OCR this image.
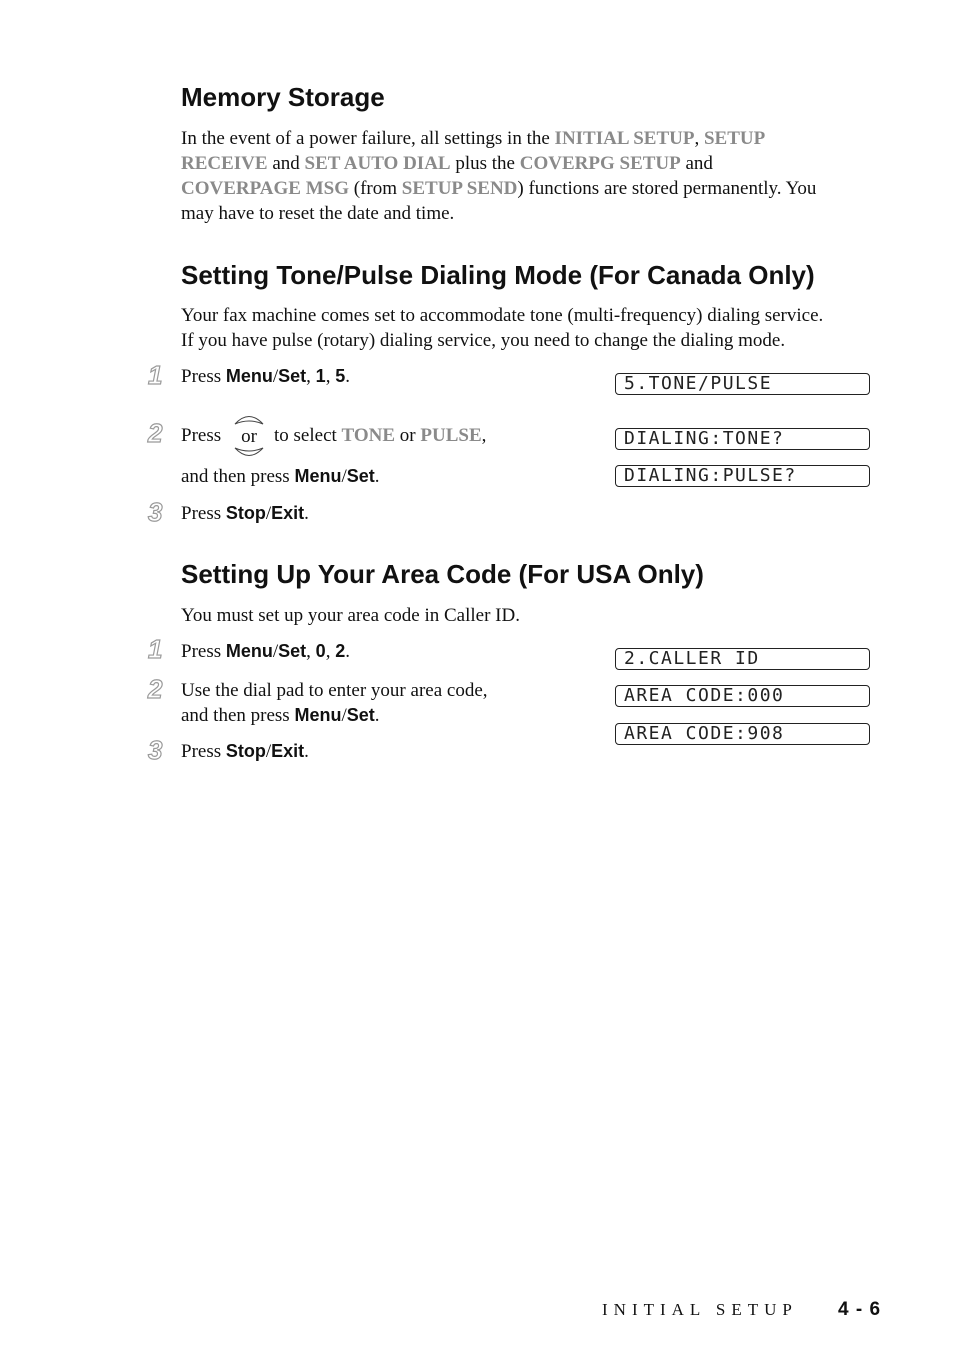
Memory Storage
In the event of a power failure, all settings in the INITIAL SETUP, SETUP
RECEIVE and SET AUTO DIAL plus the COVERPG SETUP and
COVERPAGE MSG (from SETUP SEND) functions are stored permanently. You
may have to reset the date and time.
Setting Tone/Pulse Dialing Mode (For Canada Only)
Your fax machine comes set to accommodate tone (multi-frequency) dialing service.
If you have pulse (rotary) dialing service, you need to change the dialing mode.
1 Press Menu/Set, 1, 5.	5.TONE/PULSE
2 Press or to select TONE or PULSE,
and then press Menu/Set.
DIALING:TONE?
DIALING:PULSE?
3 Press Stop/Exit.
Setting Up Your Area Code (For USA Only)
You must set up your area code in Caller ID.
1 Press Menu/Set, 0, 2.	2.CALLER ID
2 Use the dial pad to enter your area code,
and then press Menu/Set.
AREA CODE:000
AREA CODE:908
3 Press Stop/Exit.
INITIAL SETUP 4 - 6
